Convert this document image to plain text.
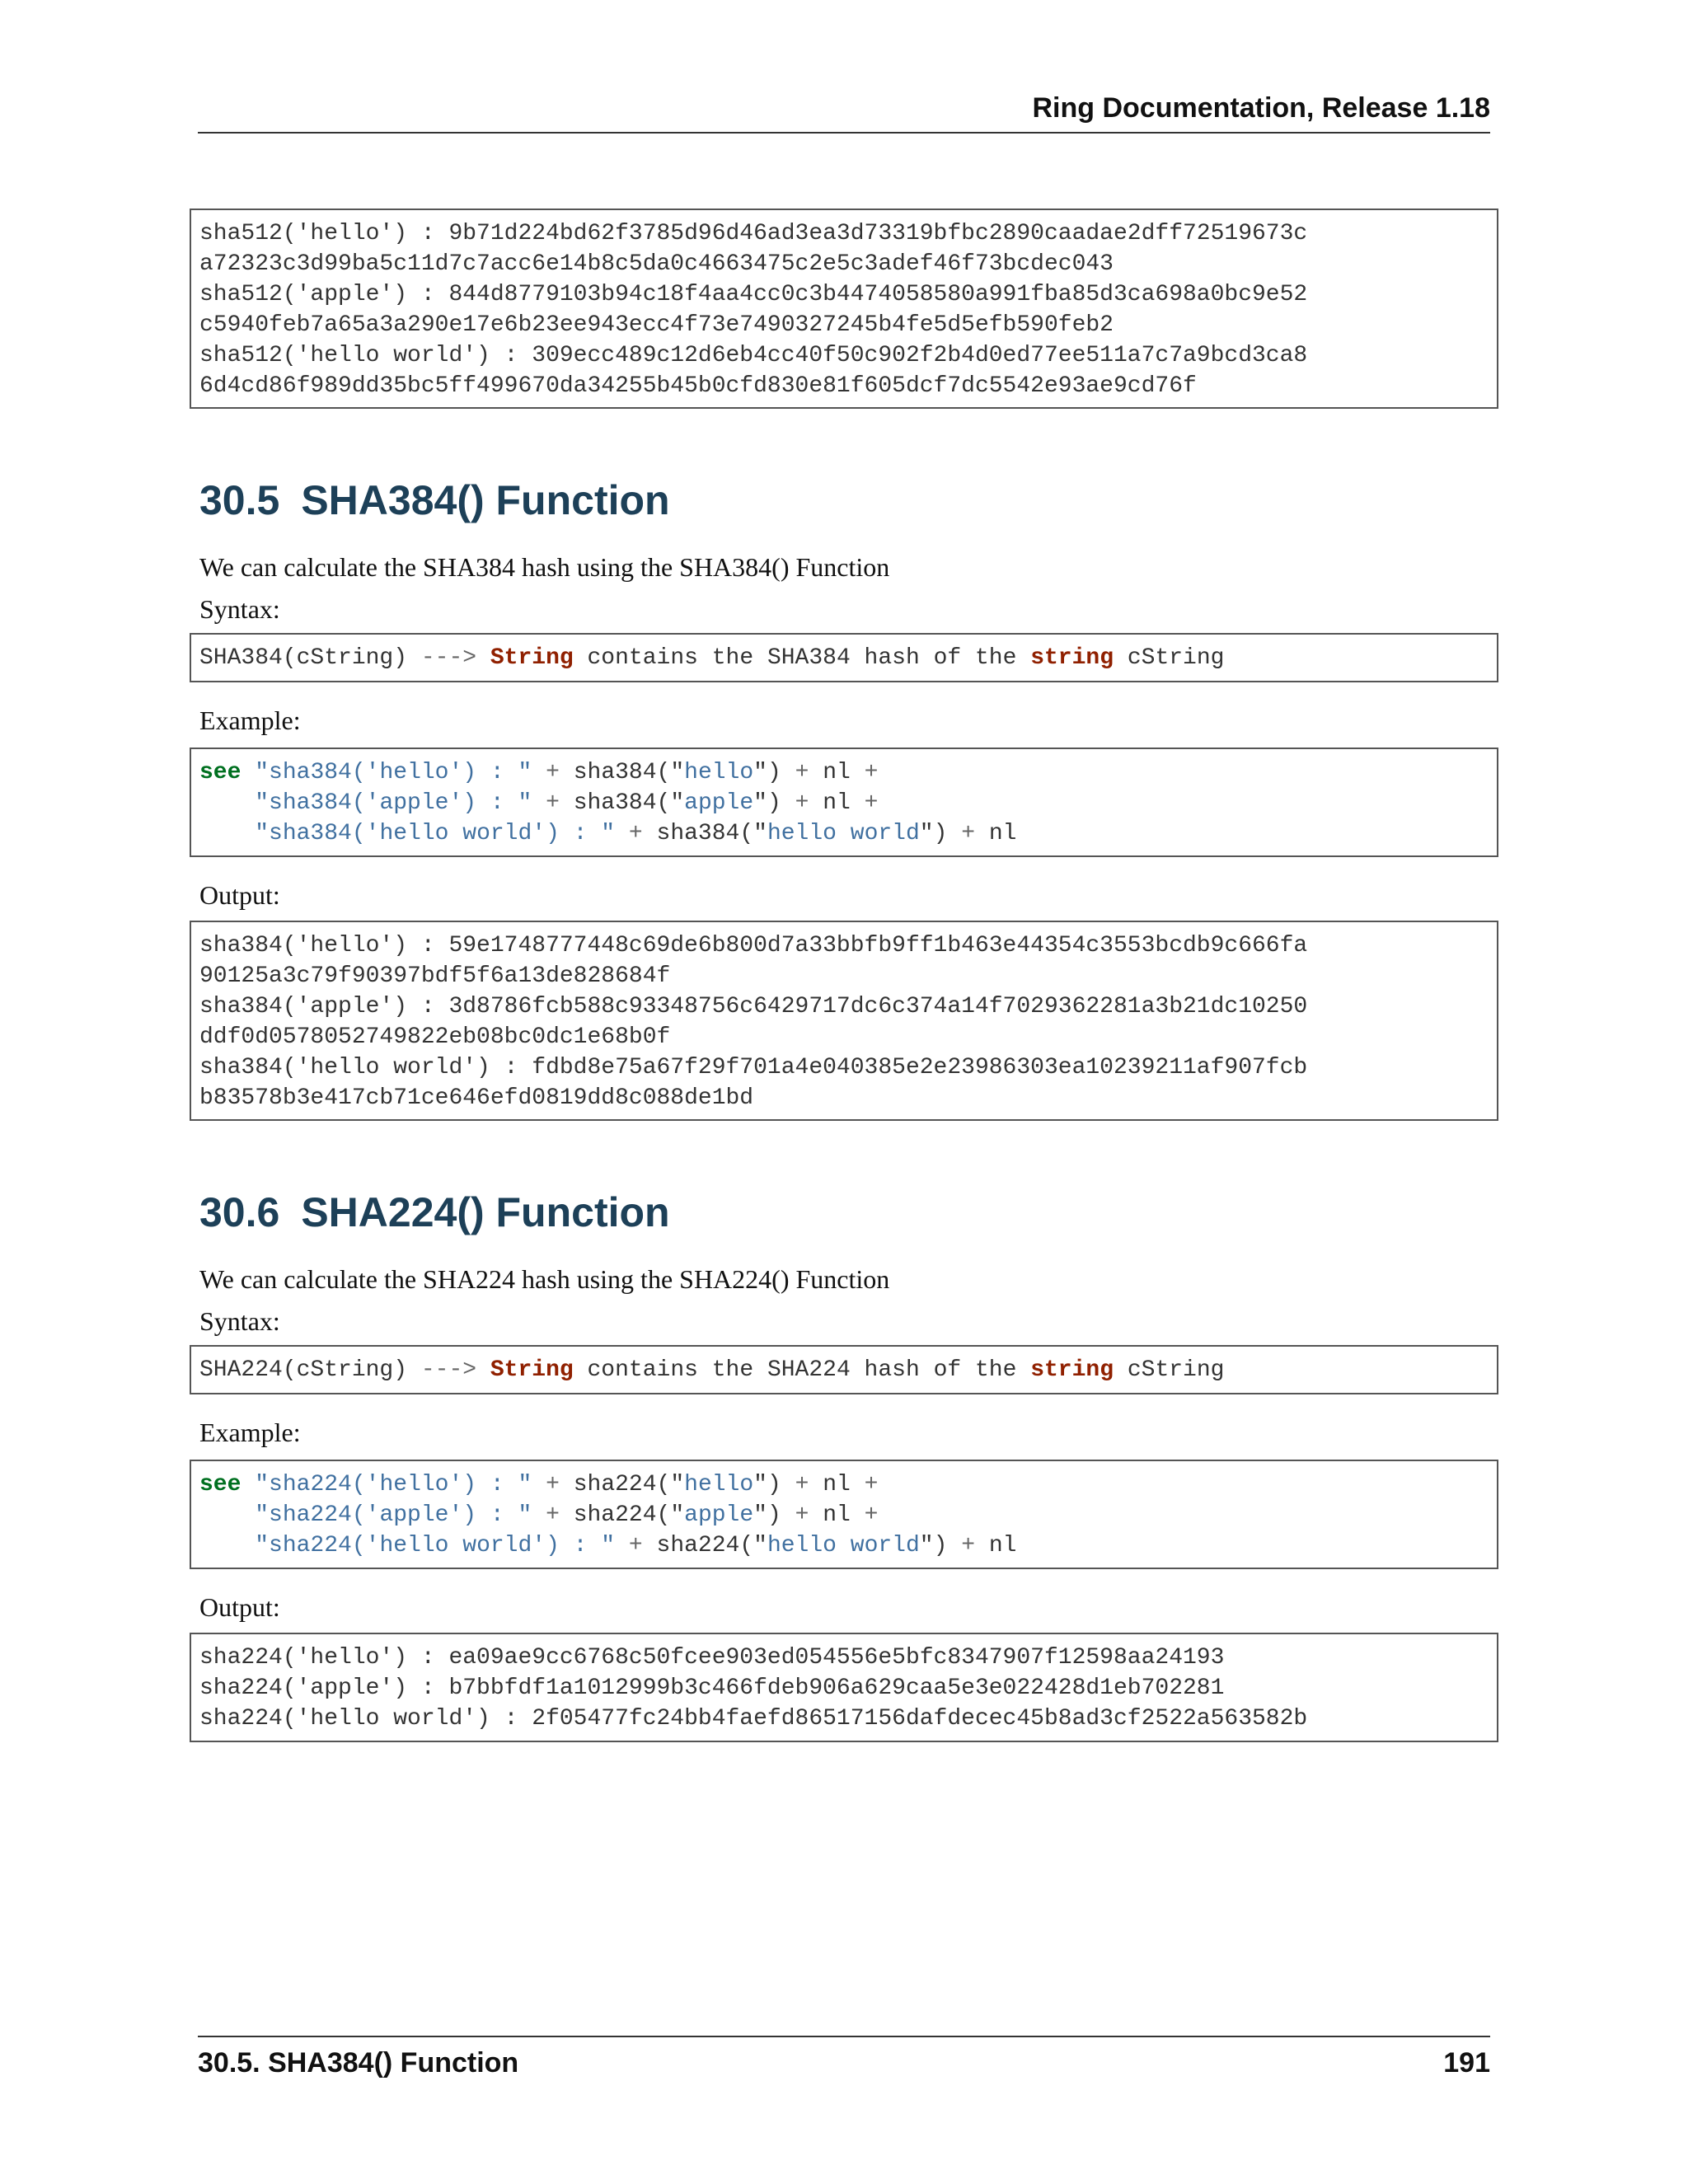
Ring Documentation, Release 1.18
sha512('hello') : 9b71d224bd62f3785d96d46ad3ea3d73319bfbc2890caadae2dff72519673c
a72323c3d99ba5c11d7c7acc6e14b8c5da0c4663475c2e5c3adef46f73bcdec043
sha512('apple') : 844d8779103b94c18f4aa4cc0c3b4474058580a991fba85d3ca698a0bc9e52
c5940feb7a65a3a290e17e6b23ee943ecc4f73e7490327245b4fe5d5efb590feb2
sha512('hello world') : 309ecc489c12d6eb4cc40f50c902f2b4d0ed77ee511a7c7a9bcd3ca8
6d4cd86f989dd35bc5ff499670da34255b45b0cfd830e81f605dcf7dc5542e93ae9cd76f
30.5 SHA384() Function
We can calculate the SHA384 hash using the SHA384() Function
Syntax:
SHA384(cString) ---> String contains the SHA384 hash of the string cString
Example:
see "sha384('hello') : " + sha384("hello") + nl +
"sha384('apple') : " + sha384("apple") + nl +
"sha384('hello world') : " + sha384("hello world") + nl
Output:
sha384('hello') : 59e1748777448c69de6b800d7a33bbfb9ff1b463e44354c3553bcdb9c666fa
90125a3c79f90397bdf5f6a13de828684f
sha384('apple') : 3d8786fcb588c93348756c6429717dc6c374a14f7029362281a3b21dc10250
ddf0d0578052749822eb08bc0dc1e68b0f
sha384('hello world') : fdbd8e75a67f29f701a4e040385e2e23986303ea10239211af907fcb
b83578b3e417cb71ce646efd0819dd8c088de1bd
30.6 SHA224() Function
We can calculate the SHA224 hash using the SHA224() Function
Syntax:
SHA224(cString) ---> String contains the SHA224 hash of the string cString
Example:
see "sha224('hello') : " + sha224("hello") + nl +
"sha224('apple') : " + sha224("apple") + nl +
"sha224('hello world') : " + sha224("hello world") + nl
Output:
sha224('hello') : ea09ae9cc6768c50fcee903ed054556e5bfc8347907f12598aa24193
sha224('apple') : b7bbfdf1a1012999b3c466fdeb906a629caa5e3e022428d1eb702281
sha224('hello world') : 2f05477fc24bb4faefd86517156dafdecec45b8ad3cf2522a563582b
30.5. SHA384() Function	191
